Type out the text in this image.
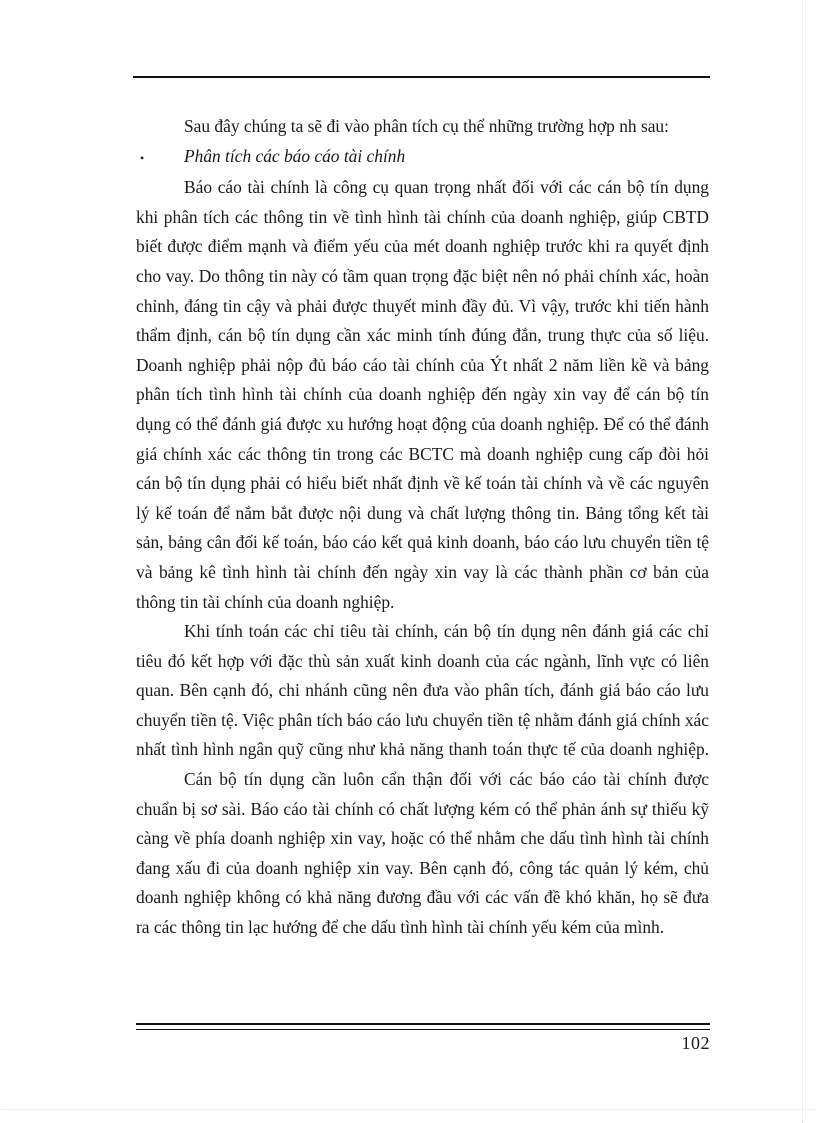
Sau đây chúng ta sẽ đi vào phân tích cụ thể những trường hợp nh sau:

•	Phân tích các báo cáo tài chính

Báo cáo tài chính là công cụ quan trọng nhất đối với các cán bộ tín dụng khi phân tích các thông tin về tình hình tài chính của doanh nghiệp, giúp CBTD biết được điểm mạnh và điểm yếu của mét doanh nghiệp trước khi ra quyết định cho vay. Do thông tin này có tầm quan trọng đặc biệt nên nó phải chính xác, hoàn chỉnh, đáng tin cậy và phải được thuyết minh đầy đủ. Vì vậy, trước khi tiến hành thẩm định, cán bộ tín dụng cần xác minh tính đúng đắn, trung thực của số liệu. Doanh nghiệp phải nộp đủ báo cáo tài chính của Ýt nhất 2 năm liền kề và bảng phân tích tình hình tài chính của doanh nghiệp đến ngày xin vay để cán bộ tín dụng có thể đánh giá được xu hướng hoạt động của doanh nghiệp. Để có thể đánh giá chính xác các thông tin trong các BCTC mà doanh nghiệp cung cấp đòi hỏi cán bộ tín dụng phải có hiểu biết nhất định về kế toán tài chính và về các nguyên lý kế toán để nắm bắt được nội dung và chất lượng thông tin. Bảng tổng kết tài sản, bảng cân đối kế toán, báo cáo kết quả kinh doanh, báo cáo lưu chuyển tiền tệ và bảng kê tình hình tài chính đến ngày xin vay là các thành phần cơ bản của thông tin tài chính của doanh nghiệp.

Khi tính toán các chỉ tiêu tài chính, cán bộ tín dụng nên đánh giá các chỉ tiêu đó kết hợp với đặc thù sản xuất kinh doanh của các ngành, lĩnh vực có liên quan. Bên cạnh đó, chi nhánh cũng nên đưa vào phân tích, đánh giá báo cáo lưu chuyển tiền tệ. Việc phân tích báo cáo lưu chuyển tiền tệ nhằm đánh giá chính xác nhất tình hình ngân quỹ cũng như khả năng thanh toán thực tế của doanh nghiệp.

Cán bộ tín dụng cần luôn cẩn thận đối với các báo cáo tài chính được chuẩn bị sơ sài. Báo cáo tài chính có chất lượng kém có thể phản ánh sự thiếu kỹ càng về phía doanh nghiệp xin vay, hoặc có thể nhằm che dấu tình hình tài chính đang xấu đi của doanh nghiệp xin vay. Bên cạnh đó, công tác quản lý kém, chủ doanh nghiệp không có khả năng đương đầu với các vấn đề khó khăn, họ sẽ đưa ra các thông tin lạc hướng để che dấu tình hình tài chính yếu kém của mình.

102
